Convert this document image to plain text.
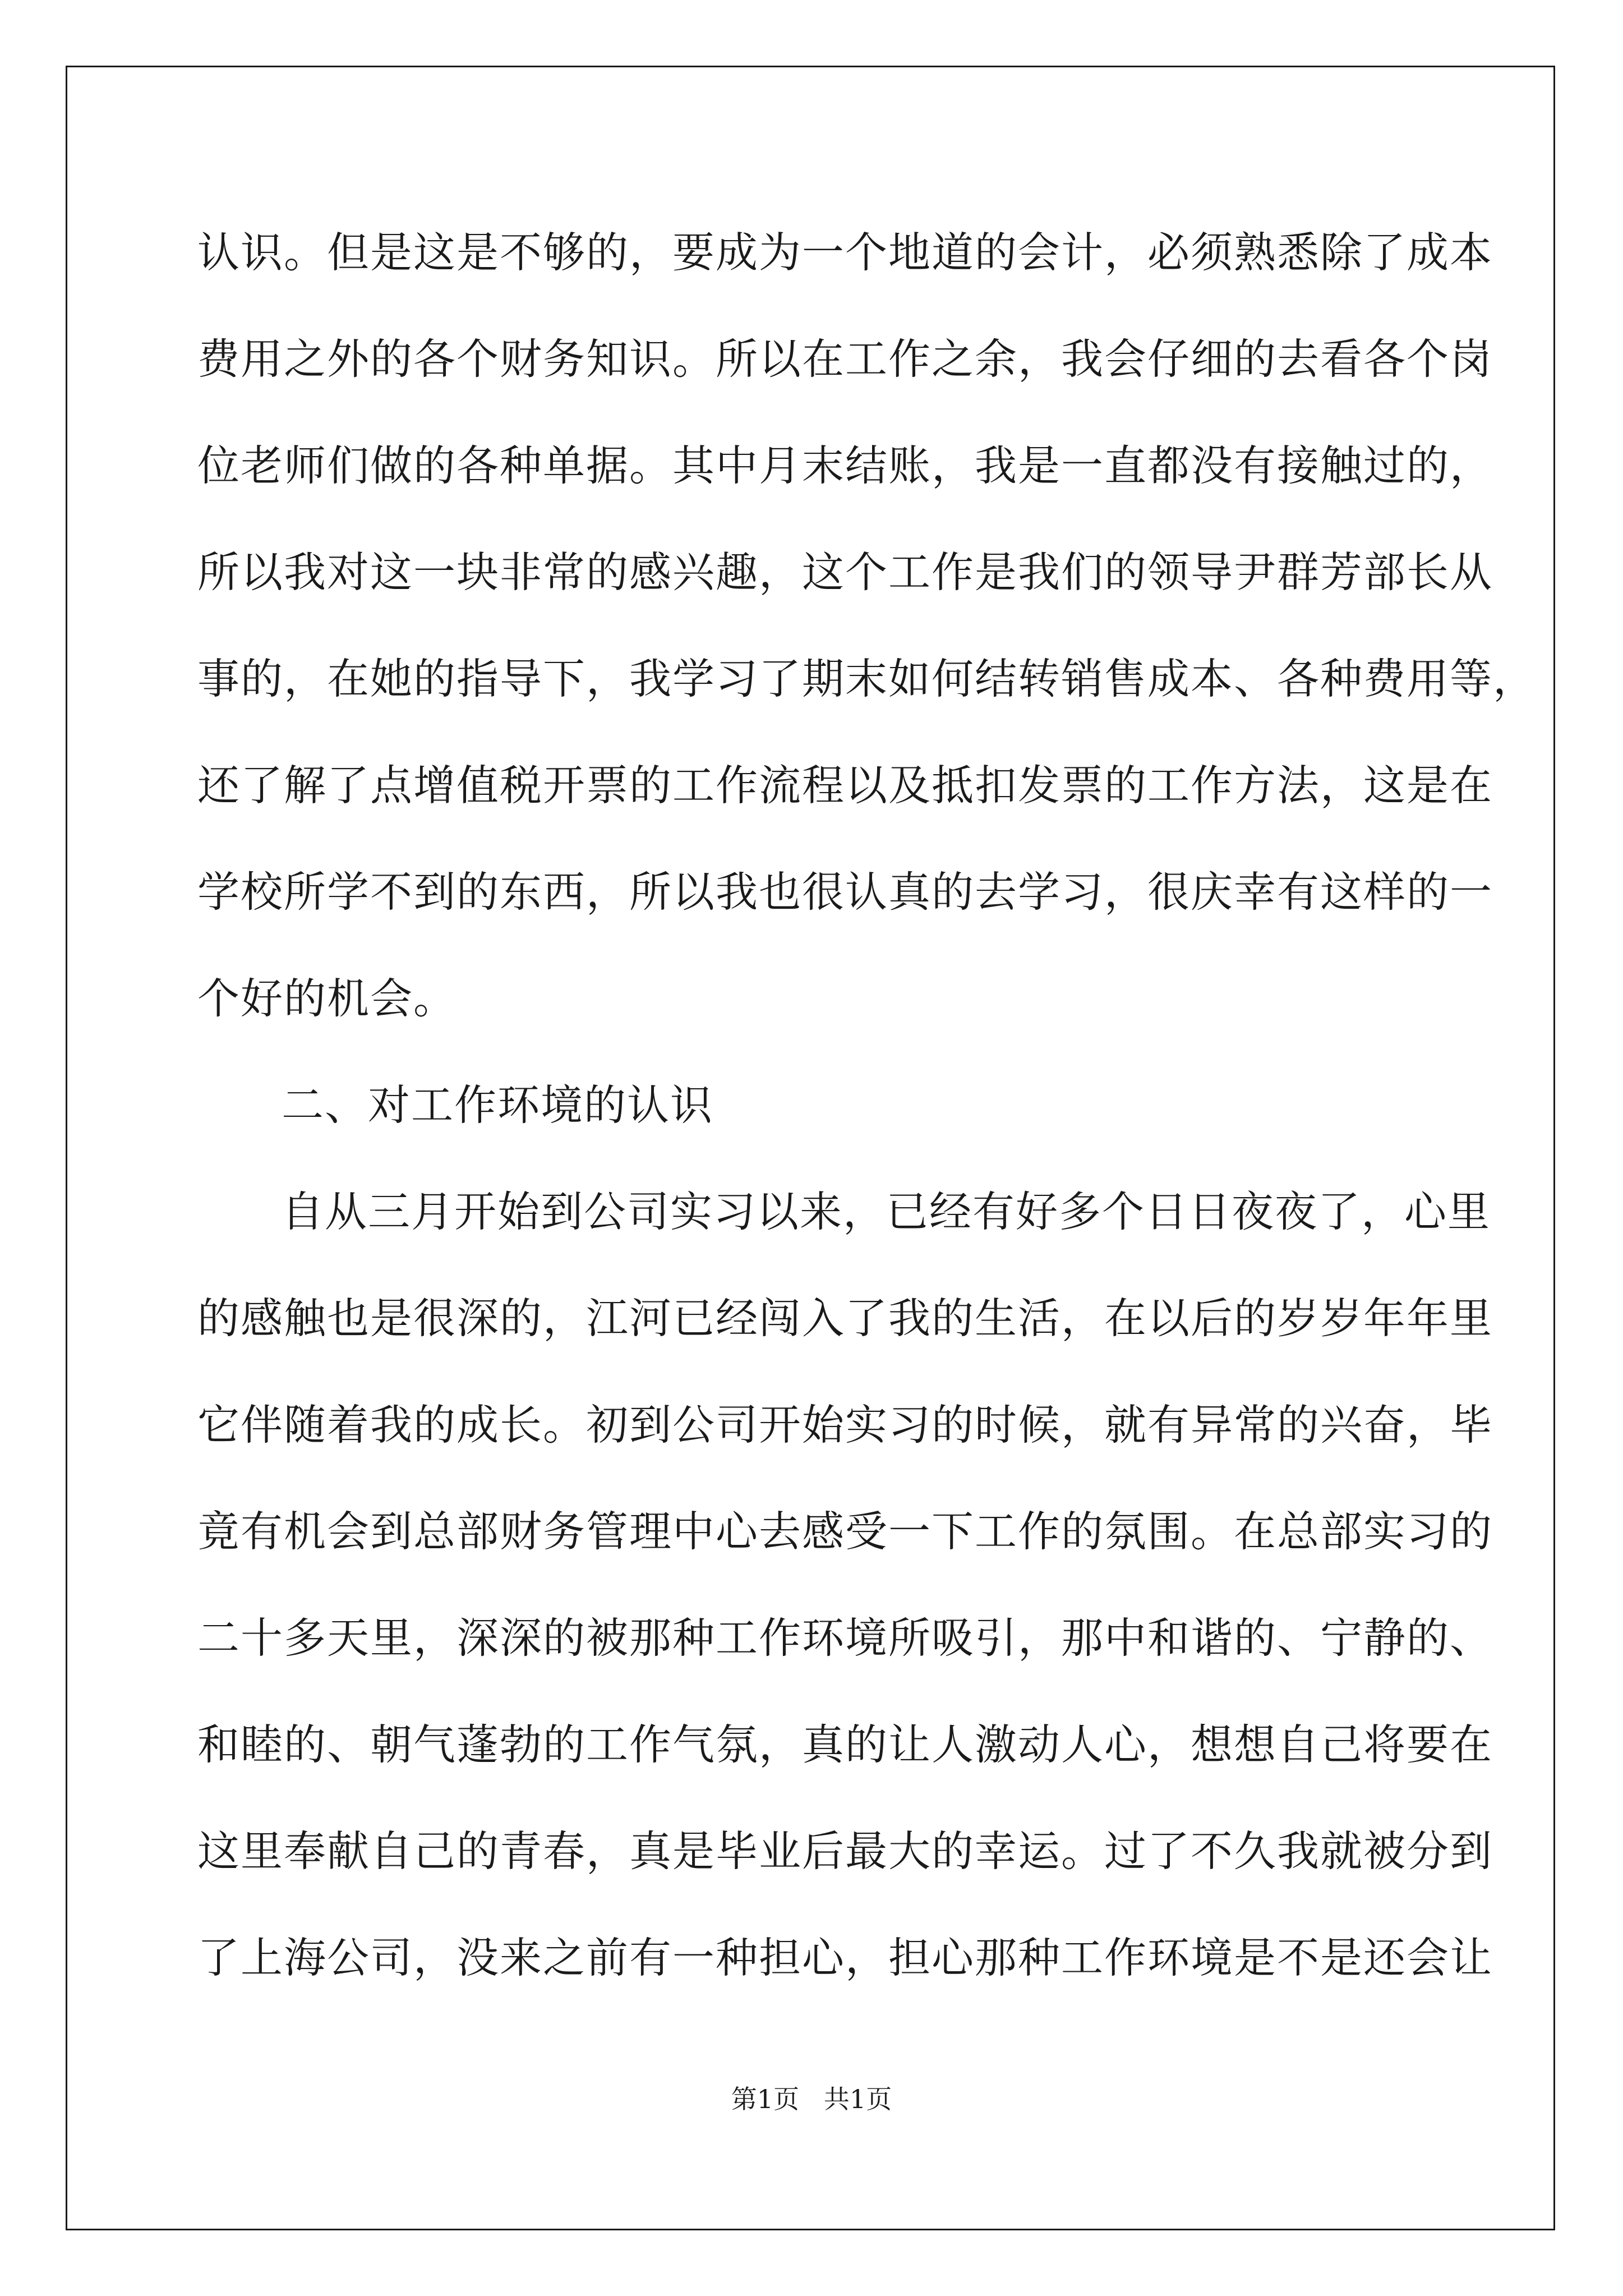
认识。但是这是不够的，要成为一个地道的会计，必须熟悉除了成本

费用之外的各个财务知识。所以在工作之余，我会仔细的去看各个岗

位老师们做的各种单据。其中月末结账，我是一直都没有接触过的，

所以我对这一块非常的感兴趣，这个工作是我们的领导尹群芳部长从

事的，在她的指导下，我学习了期末如何结转销售成本、各种费用等，

还了解了点增值税开票的工作流程以及抵扣发票的工作方法，这是在

学校所学不到的东西，所以我也很认真的去学习，很庆幸有这样的一

个好的机会。

二、对工作环境的认识

自从三月开始到公司实习以来，已经有好多个日日夜夜了，心里

的感触也是很深的，江河已经闯入了我的生活，在以后的岁岁年年里

它伴随着我的成长。初到公司开始实习的时候，就有异常的兴奋，毕

竟有机会到总部财务管理中心去感受一下工作的氛围。在总部实习的

二十多天里，深深的被那种工作环境所吸引，那中和谐的、宁静的、

和睦的、朝气蓬勃的工作气氛，真的让人激动人心，想想自己将要在

这里奉献自己的青春，真是毕业后最大的幸运。过了不久我就被分到

了上海公司，没来之前有一种担心，担心那种工作环境是不是还会让

第1页   共1页
